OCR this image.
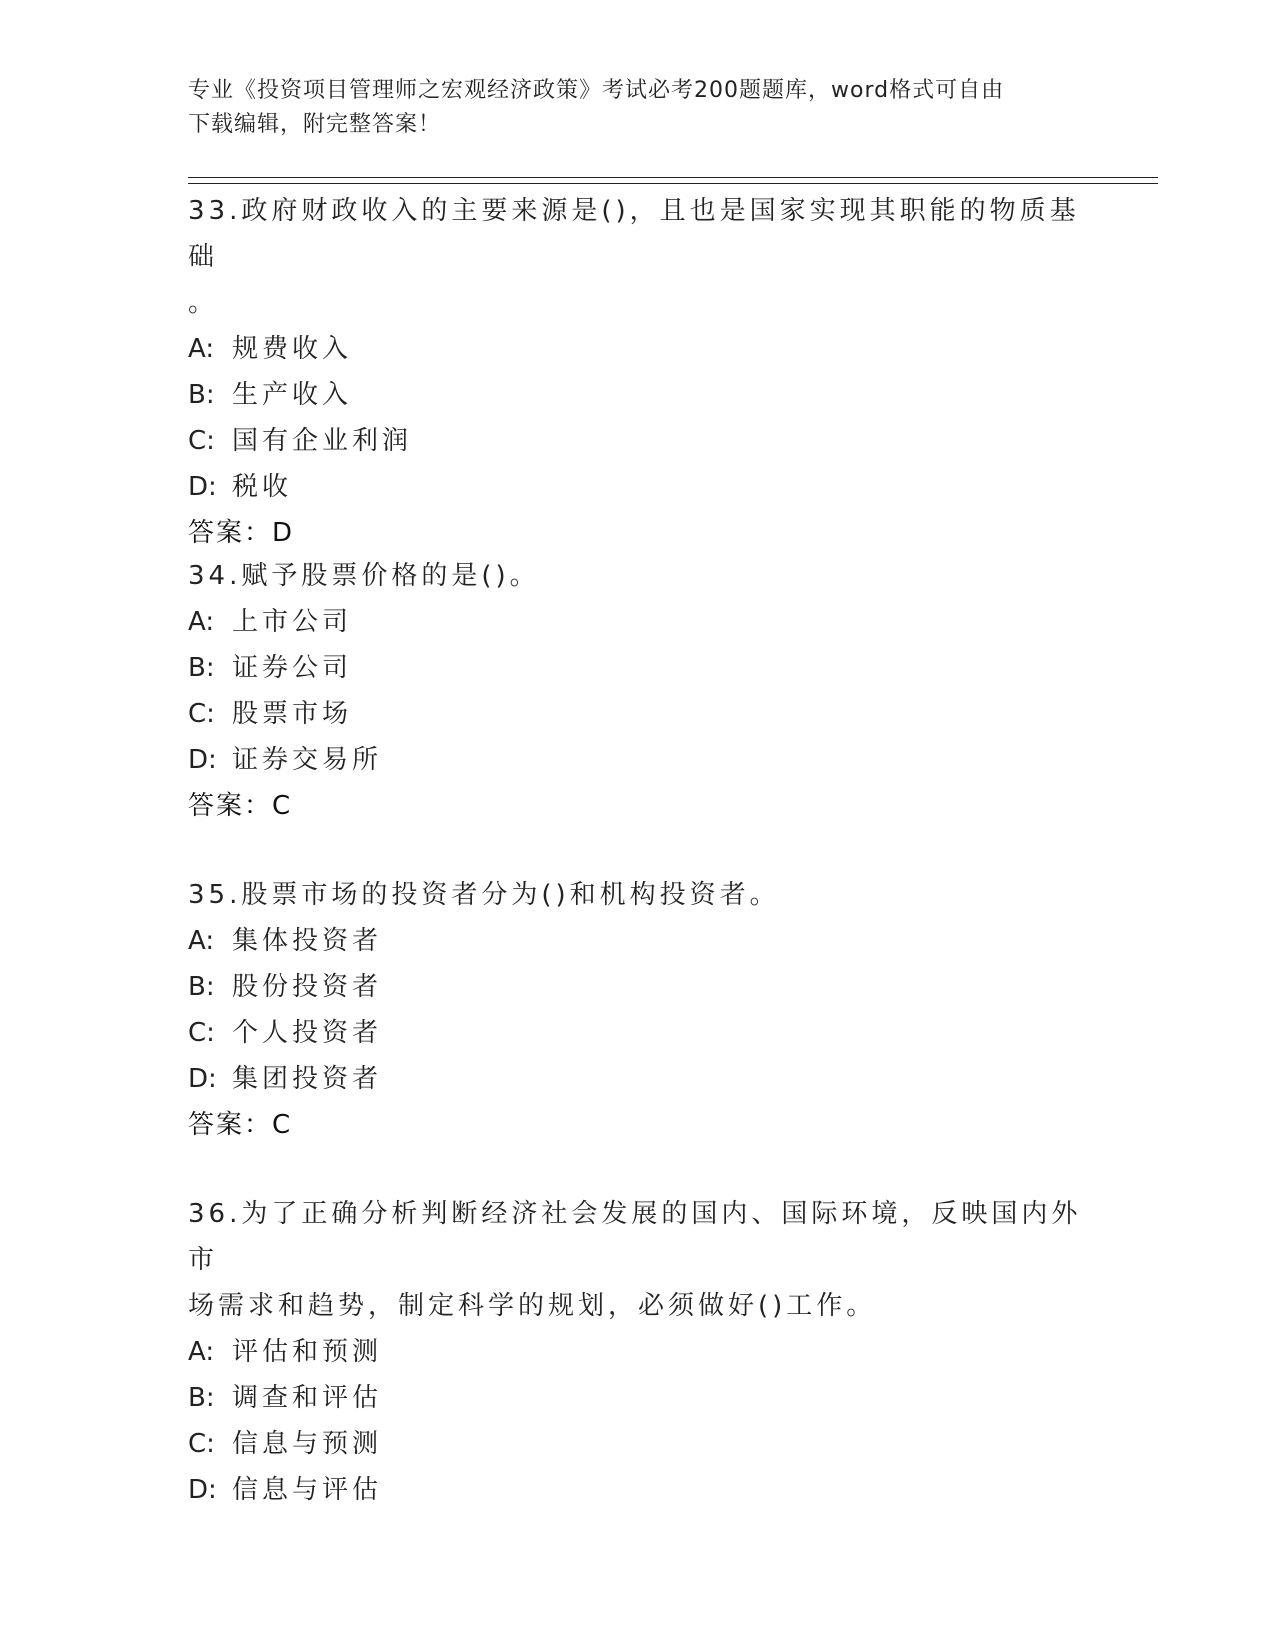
专业《投资项目管理师之宏观经济政策》考试必考200题题库，word格式可自由
下载编辑，附完整答案！
33.政府财政收入的主要来源是()，且也是国家实现其职能的物质基础
。
A: 规费收入
B: 生产收入
C: 国有企业利润
D: 税收
答案：D
34.赋予股票价格的是()。
A: 上市公司
B: 证券公司
C: 股票市场
D: 证券交易所
答案：C
35.股票市场的投资者分为()和机构投资者。
A: 集体投资者
B: 股份投资者
C: 个人投资者
D: 集团投资者
答案：C
36.为了正确分析判断经济社会发展的国内、国际环境，反映国内外市
场需求和趋势，制定科学的规划，必须做好()工作。
A: 评估和预测
B: 调查和评估
C: 信息与预测
D: 信息与评估
